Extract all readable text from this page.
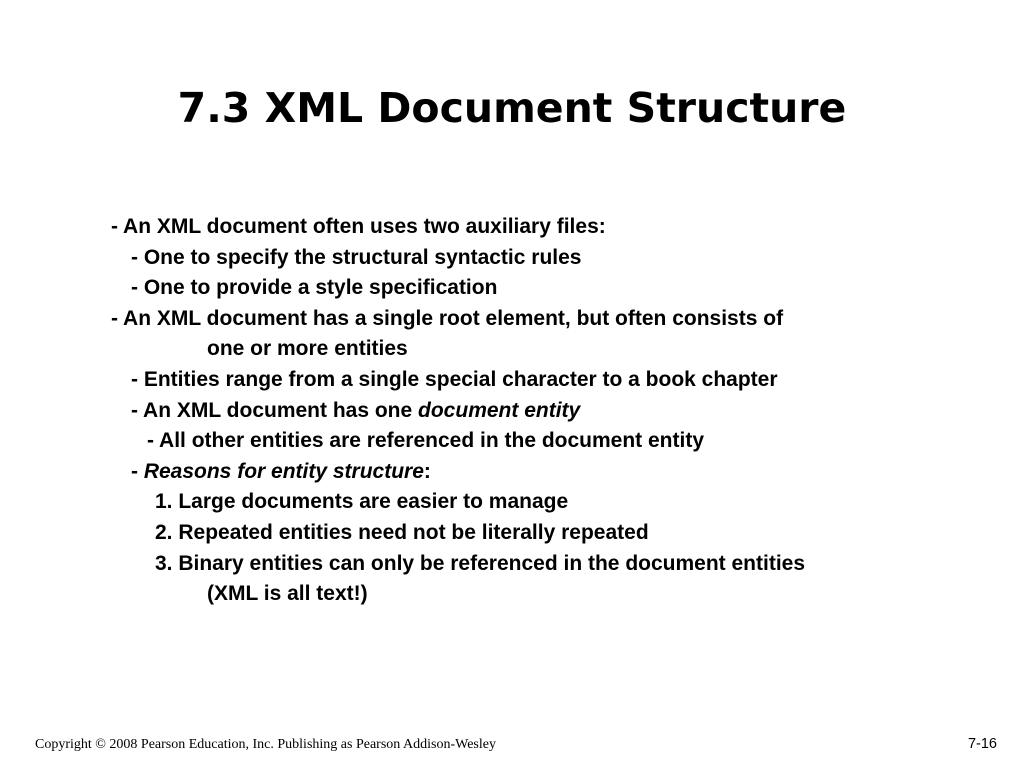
7.3 XML Document Structure
- An XML document often uses two auxiliary files:
- One to specify the structural syntactic rules
- One to provide a style specification
- An XML document has a single root element, but often consists of
one or more entities
- Entities range from a single special character to a book chapter
- An XML document has one document entity
- All other entities are referenced in the document entity
- Reasons for entity structure:
1. Large documents are easier to manage
2. Repeated entities need not be literally repeated
3. Binary entities can only be referenced in the document entities
(XML is all text!)
Copyright © 2008 Pearson Education, Inc. Publishing as Pearson Addison-Wesley	7-16
